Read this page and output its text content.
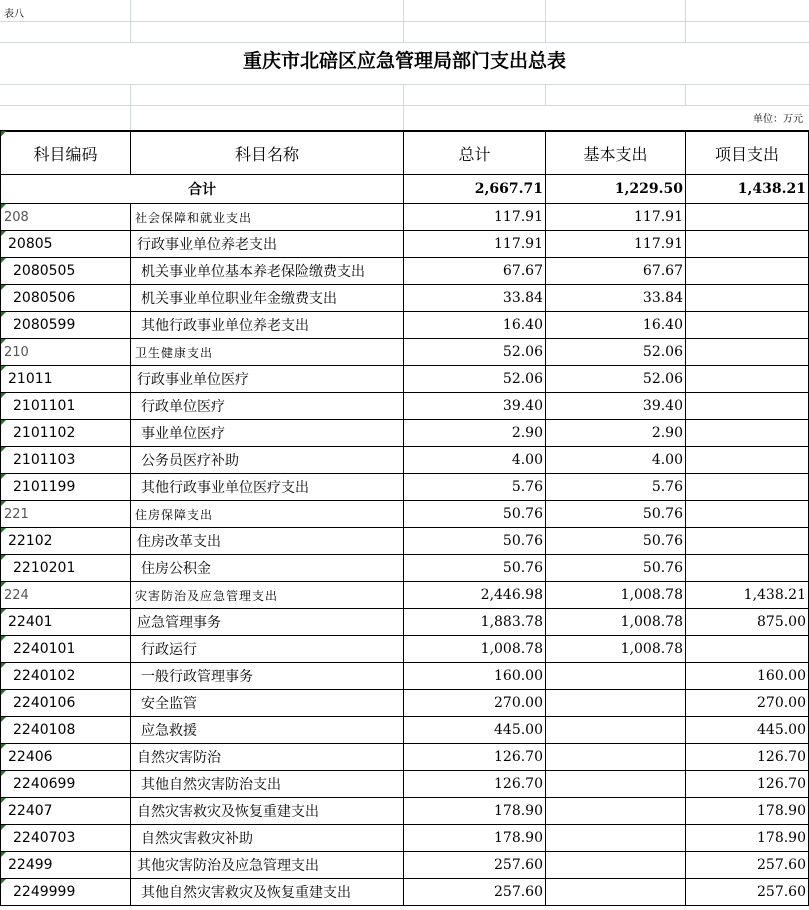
表八
重庆市北碚区应急管理局部门支出总表
单位：万元
科目编码	科目名称	总计	基本支出	项目支出
合计		2,667.71	1,229.50	1,438.21

208	社会保障和就业支出	117.91	117.91	

20805	行政事业单位养老支出	117.91	117.91	

2080505	机关事业单位基本养老保险缴费支出	67.67	67.67	

2080506	机关事业单位职业年金缴费支出	33.84	33.84	

2080599	其他行政事业单位养老支出	16.40	16.40	

210	卫生健康支出	52.06	52.06	

21011	行政事业单位医疗	52.06	52.06	

2101101	行政单位医疗	39.40	39.40	

2101102	事业单位医疗	2.90	2.90	

2101103	公务员医疗补助	4.00	4.00	

2101199	其他行政事业单位医疗支出	5.76	5.76	

221	住房保障支出	50.76	50.76	

22102	住房改革支出	50.76	50.76	

2210201	住房公积金	50.76	50.76	

224	灾害防治及应急管理支出	2,446.98	1,008.78	1,438.21

22401	应急管理事务	1,883.78	1,008.78	875.00

2240101	行政运行	1,008.78	1,008.78	

2240102	一般行政管理事务	160.00		160.00

2240106	安全监管	270.00		270.00

2240108	应急救援	445.00		445.00

22406	自然灾害防治	126.70		126.70

2240699	其他自然灾害防治支出	126.70		126.70

22407	自然灾害救灾及恢复重建支出	178.90		178.90

2240703	自然灾害救灾补助	178.90		178.90

22499	其他灾害防治及应急管理支出	257.60		257.60

2249999	其他自然灾害救灾及恢复重建支出	257.60		257.60
